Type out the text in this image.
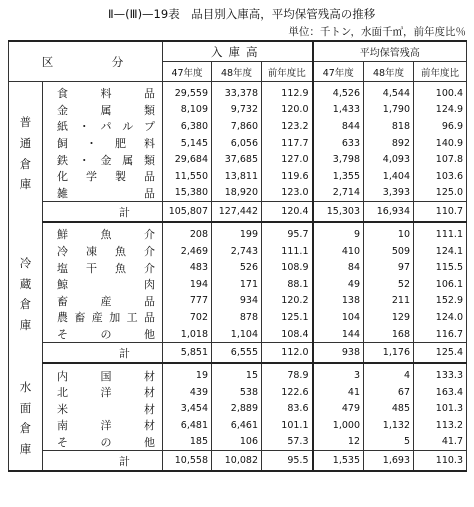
Ⅱ—(Ⅲ)—19表　品目別入庫高，平均保管残高の推移
単位：千トン，水面千㎥，前年度比％
区　　　分		入庫高			平均保管残高		
		47年度	48年度	前年度比	47年度	48年度	前年度比

普
通
倉
庫	食料品	29,559	33,378	112.9	4,526	4,544	100.4
	金属類	8,109	9,732	120.0	1,433	1,790	124.9
	紙・パルプ	6,380	7,860	123.2	844	818	96.9
	飼・肥料	5,145	6,056	117.7	633	892	140.9
	鉄・金属類	29,684	37,685	127.0	3,798	4,093	107.8
	化学製品	11,550	13,811	119.6	1,355	1,404	103.6
	雑品	15,380	18,920	123.0	2,714	3,393	125.0
	計	105,807	127,442	120.4	15,303	16,934	110.7

冷
蔵
倉
庫	鮮魚介	208	199	95.7	9	10	111.1
	冷凍魚介	2,469	2,743	111.1	410	509	124.1
	塩干魚介	483	526	108.9	84	97	115.5
	鯨肉	194	171	88.1	49	52	106.1
	畜産品	777	934	120.2	138	211	152.9
	農畜産加工品	702	878	125.1	104	129	124.0
	その他	1,018	1,104	108.4	144	168	116.7
	計	5,851	6,555	112.0	938	1,176	125.4

水
面
倉
庫	内国材	19	15	78.9	3	4	133.3
	北洋材	439	538	122.6	41	67	163.4
	米材	3,454	2,889	83.6	479	485	101.3
	南洋材	6,481	6,461	101.1	1,000	1,132	113.2
	その他	185	106	57.3	12	5	41.7
	計	10,558	10,082	95.5	1,535	1,693	110.3
